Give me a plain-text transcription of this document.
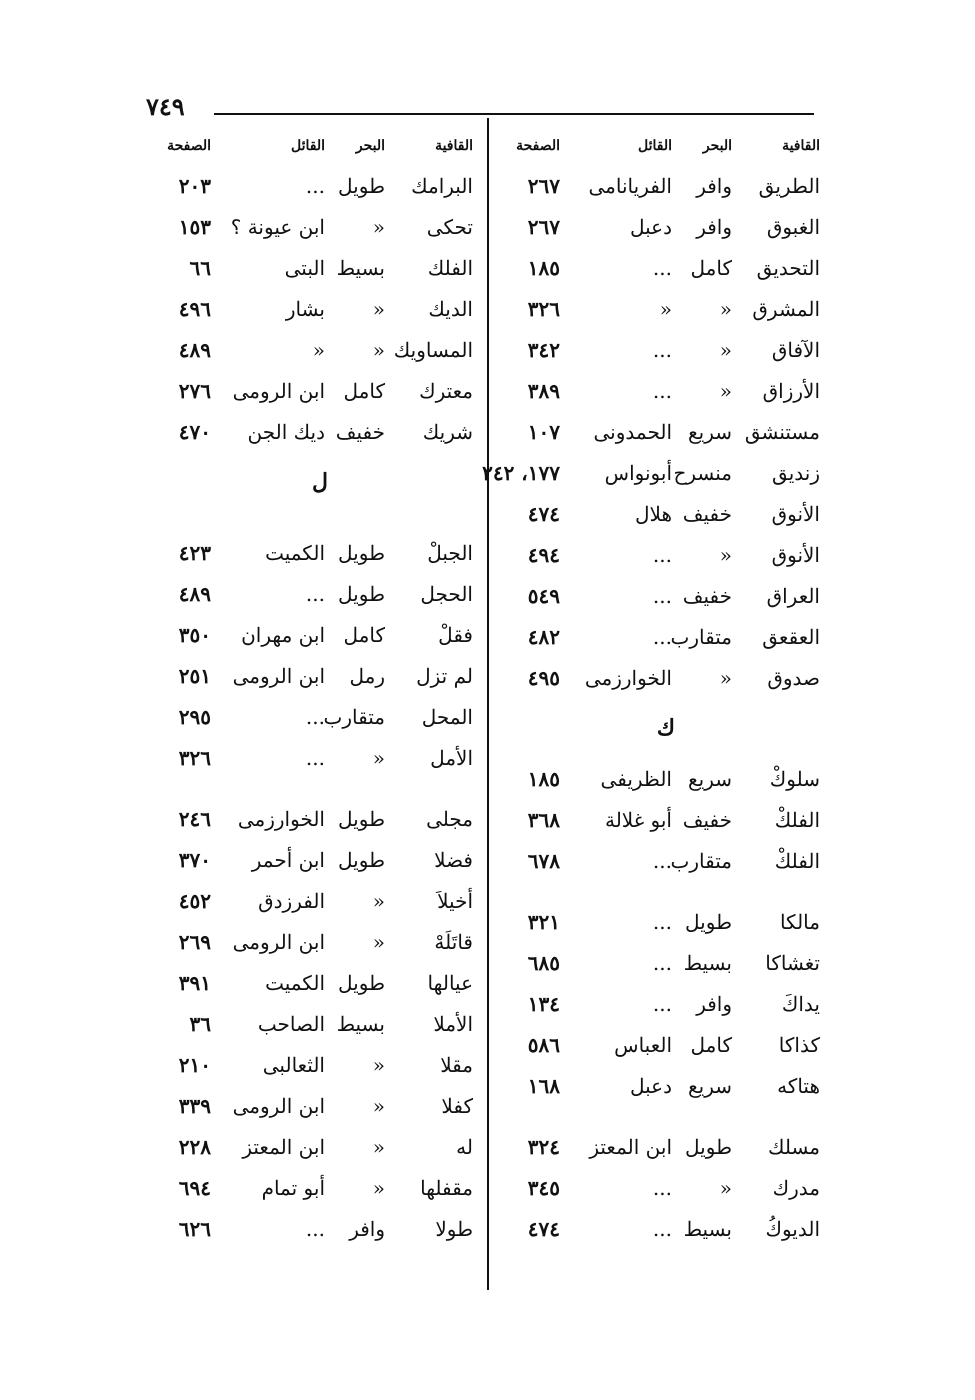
٧٤٩
القافية
البحر
القائل
الصفحة
الطريق
وافر
الفريانامى
٢٦٧
الغبوق
وافر
دعبل
٢٦٧
التحديق
كامل
...
١٨٥
المشرق
«
«
٣٢٦
الآفاق
«
...
٣٤٢
الأرزاق
«
...
٣٨٩
مستنشق
سريع
الحمدونى
١٠٧
زنديق
منسرح
أبونواس
١٧٧، ٢٤٢
الأنوق
خفيف
هلال
٤٧٤
الأنوق
«
...
٤٩٤
العراق
خفيف
...
٥٤٩
العقعق
متقارب
...
٤٨٢
صدوق
«
الخوارزمى
٤٩٥
ك
سلوكْ
سريع
الظريفى
١٨٥
الفلكْ
خفيف
أبو غلالة
٣٦٨
الفلكْ
متقارب
...
٦٧٨
مالكا
طويل
...
٣٢١
تغشاكا
بسيط
...
٦٨٥
يداكَ
وافر
...
١٣٤
كذاكا
كامل
العباس
٥٨٦
هتاكه
سريع
دعبل
١٦٨
مسلك
طويل
ابن المعتز
٣٢٤
مدرك
«
...
٣٤٥
الديوكُ
بسيط
...
٤٧٤
القافية
البحر
القائل
الصفحة
البرامك
طويل
...
٢٠٣
تحكى
«
ابن عيونة ؟
١٥٣
الفلك
بسيط
البتى
٦٦
الديك
«
بشار
٤٩٦
المساويك
«
«
٤٨٩
معترك
كامل
ابن الرومى
٢٧٦
شريك
خفيف
ديك الجن
٤٧٠
ل
الجبلْ
طويل
الكميت
٤٢٣
الحجل
طويل
...
٤٨٩
فقلْ
كامل
ابن مهران
٣٥٠
لم تزل
رمل
ابن الرومى
٢٥١
المحل
متقارب
...
٢٩٥
الأمل
«
...
٣٢٦
مجلى
طويل
الخوارزمى
٢٤٦
فضلا
طويل
ابن أحمر
٣٧٠
أخيلاَ
«
الفرزدق
٤٥٢
قاتَلَهْ
«
ابن الرومى
٢٦٩
عيالها
طويل
الكميت
٣٩١
الأملا
بسيط
الصاحب
٣٦
مقلا
«
الثعالبى
٢١٠
كفلا
«
ابن الرومى
٣٣٩
له
«
ابن المعتز
٢٢٨
مقفلها
«
أبو تمام
٦٩٤
طولا
وافر
...
٦٢٦
